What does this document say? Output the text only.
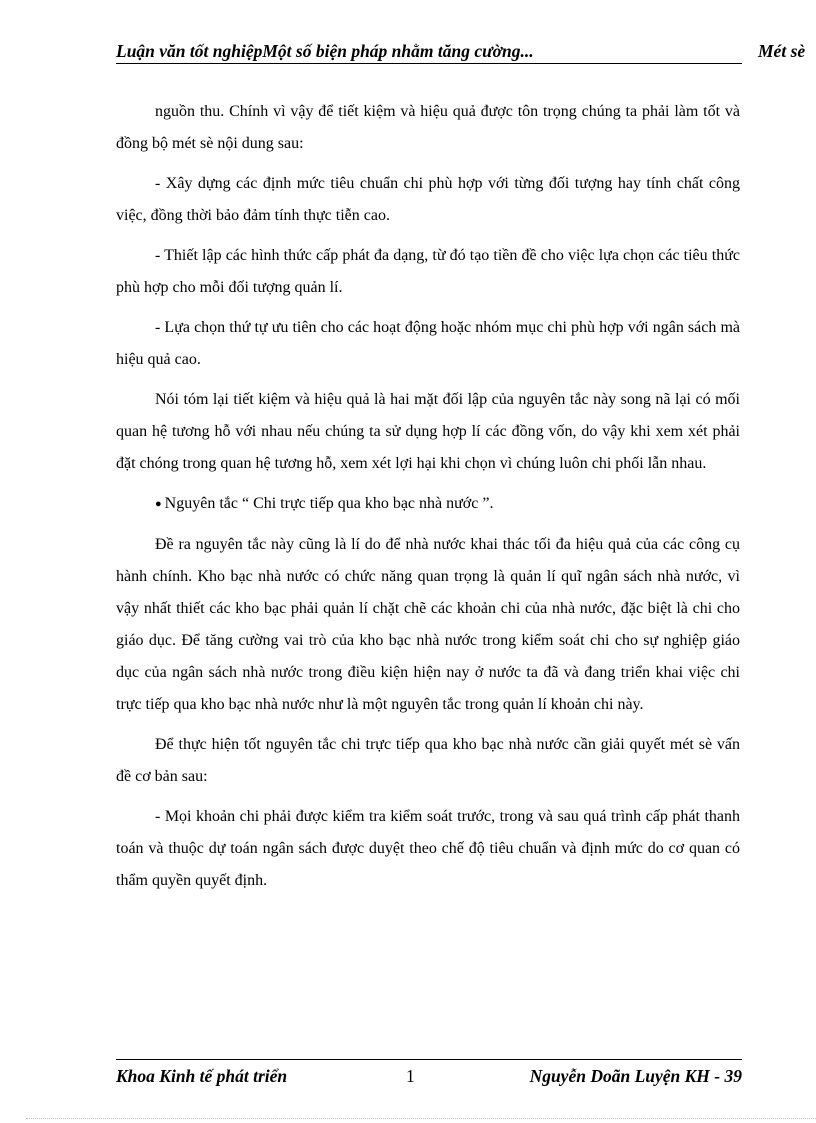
Luận văn tốt nghiệpMột số biện pháp nhằm tăng cường...	Mét sè

nguồn thu. Chính vì vậy để tiết kiệm và hiệu quả được tôn trọng chúng ta phải làm tốt và đồng bộ mét sè nội dung sau:

- Xây dựng các định mức tiêu chuẩn chi phù hợp với từng đối tượng hay tính chất công việc, đồng thời bảo đảm tính thực tiễn cao.

- Thiết lập các hình thức cấp phát đa dạng, từ đó tạo tiền đề cho việc lựa chọn các tiêu thức phù hợp cho mỗi đối tượng quản lí.

- Lựa chọn thứ tự ưu tiên cho các hoạt động hoặc nhóm mục chi phù hợp với ngân sách mà hiệu quả cao.

Nói tóm lại tiết kiệm và hiệu quả là hai mặt đối lập của nguyên tắc này song nã lại có mối quan hệ tương hỗ với nhau nếu chúng ta sử dụng hợp lí các đồng vốn, do vậy khi xem xét phải đặt chóng trong quan hệ tương hỗ, xem xét lợi hại khi chọn vì chúng luôn chi phối lẫn nhau.

● Nguyên tắc “ Chi trực tiếp qua kho bạc nhà nước ”.

Đề ra nguyên tắc này cũng là lí do để nhà nước khai thác tối đa hiệu quả của các công cụ hành chính. Kho bạc nhà nước có chức năng quan trọng là quản lí quĩ ngân sách nhà nước, vì vậy nhất thiết các kho bạc phải quản lí chặt chẽ các khoản chi của nhà nước, đặc biệt là chi cho giáo dục. Để tăng cường vai trò của kho bạc nhà nước trong kiểm soát chi cho sự nghiệp giáo dục của ngân sách nhà nước trong điều kiện hiện nay ở nước ta đã và đang triển khai việc chi trực tiếp qua kho bạc nhà nước như là một nguyên tắc trong quản lí khoản chi này.

Để thực hiện tốt nguyên tắc chi trực tiếp qua kho bạc nhà nước cần giải quyết mét sè vấn đề cơ bản sau:

- Mọi khoản chi phải được kiểm tra kiểm soát trước, trong và sau quá trình cấp phát thanh toán và thuộc dự toán ngân sách được duyệt theo chế độ tiêu chuẩn và định mức do cơ quan có thẩm quyền quyết định.

Khoa Kinh tế phát triển	1	Nguyễn Doãn Luyện KH - 39
